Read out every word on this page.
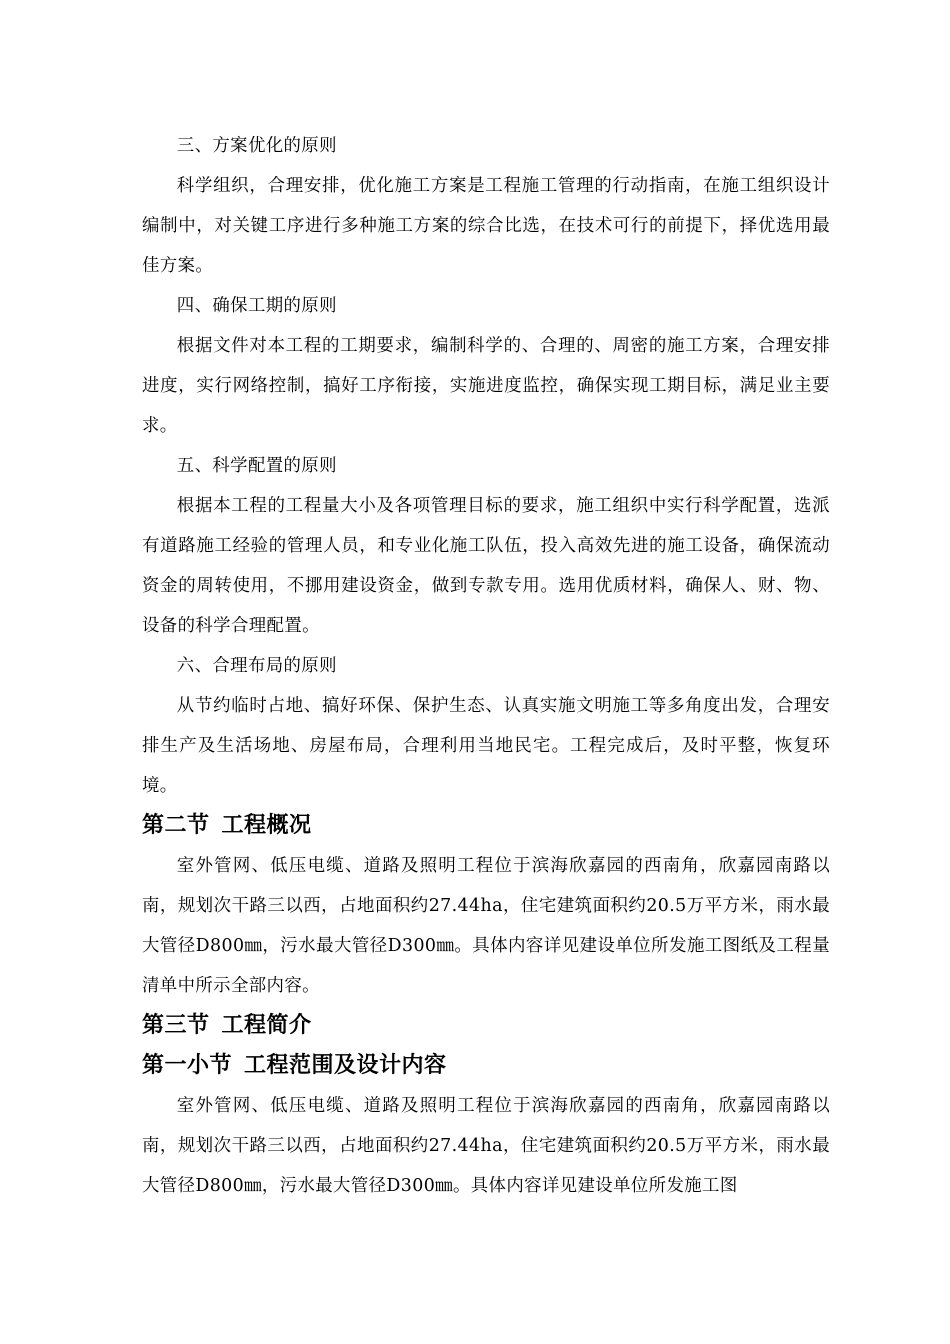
三、方案优化的原则

科学组织，合理安排，优化施工方案是工程施工管理的行动指南，在施工组织设计编制中，对关键工序进行多种施工方案的综合比选，在技术可行的前提下，择优选用最佳方案。

四、确保工期的原则

根据文件对本工程的工期要求，编制科学的、合理的、周密的施工方案，合理安排进度，实行网络控制，搞好工序衔接，实施进度监控，确保实现工期目标，满足业主要求。

五、科学配置的原则

根据本工程的工程量大小及各项管理目标的要求，施工组织中实行科学配置，选派有道路施工经验的管理人员，和专业化施工队伍，投入高效先进的施工设备，确保流动资金的周转使用，不挪用建设资金，做到专款专用。选用优质材料，确保人、财、物、设备的科学合理配置。

六、合理布局的原则

从节约临时占地、搞好环保、保护生态、认真实施文明施工等多角度出发，合理安排生产及生活场地、房屋布局，合理利用当地民宅。工程完成后，及时平整，恢复环境。

第二节 工程概况

室外管网、低压电缆、道路及照明工程位于滨海欣嘉园的西南角，欣嘉园南路以南，规划次干路三以西，占地面积约27.44ha，住宅建筑面积约20.5万平方米，雨水最大管径D800㎜，污水最大管径D300㎜。具体内容详见建设单位所发施工图纸及工程量清单中所示全部内容。

第三节 工程简介
第一小节 工程范围及设计内容

室外管网、低压电缆、道路及照明工程位于滨海欣嘉园的西南角，欣嘉园南路以南，规划次干路三以西，占地面积约27.44ha，住宅建筑面积约20.5万平方米，雨水最大管径D800㎜，污水最大管径D300㎜。具体内容详见建设单位所发施工图
